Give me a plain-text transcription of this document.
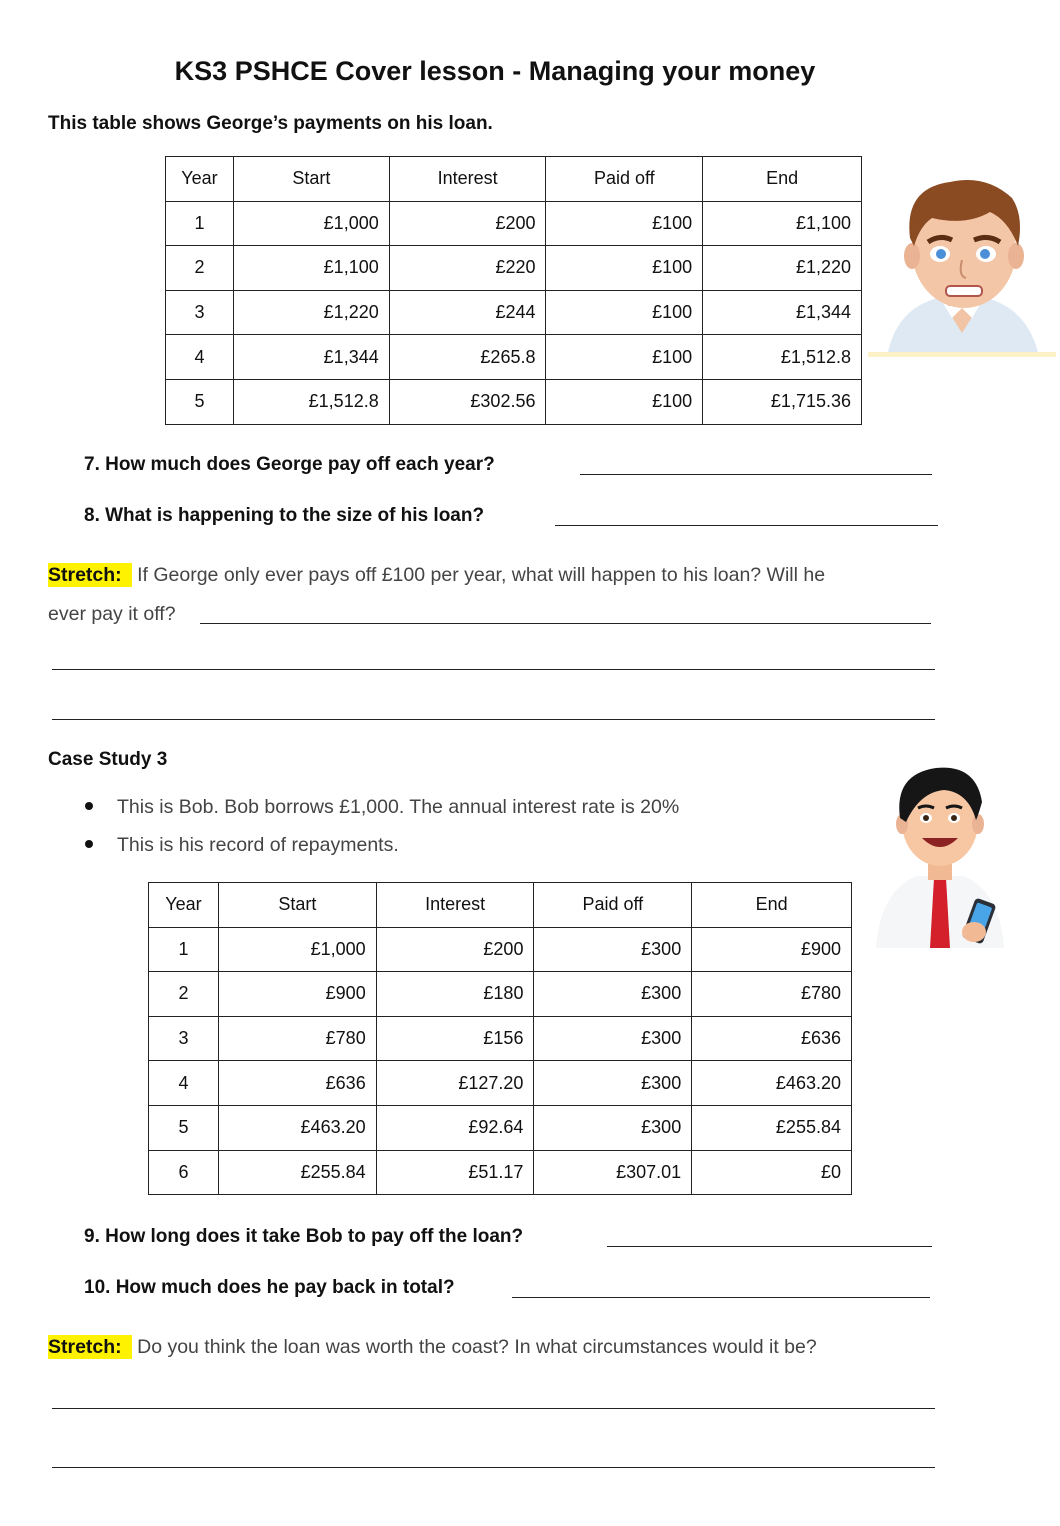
KS3 PSHCE Cover lesson - Managing your money
This table shows George’s payments on his loan.
Year	Start	Interest	Paid off	End
1	£1,000	£200	£100	£1,100
2	£1,100	£220	£100	£1,220
3	£1,220	£244	£100	£1,344
4	£1,344	£265.8	£100	£1,512.8
5	£1,512.8	£302.56	£100	£1,715.36
7. How much does George pay off each year?
8. What is happening to the size of his loan?
Stretch: If George only ever pays off £100 per year, what will happen to his loan? Will he
ever pay it off?
Case Study 3
This is Bob. Bob borrows £1,000. The annual interest rate is 20%
This is his record of repayments.
Year	Start	Interest	Paid off	End
1	£1,000	£200	£300	£900
2	£900	£180	£300	£780
3	£780	£156	£300	£636
4	£636	£127.20	£300	£463.20
5	£463.20	£92.64	£300	£255.84
6	£255.84	£51.17	£307.01	£0
9. How long does it take Bob to pay off the loan?
10. How much does he pay back in total?
Stretch: Do you think the loan was worth the coast? In what circumstances would it be?
